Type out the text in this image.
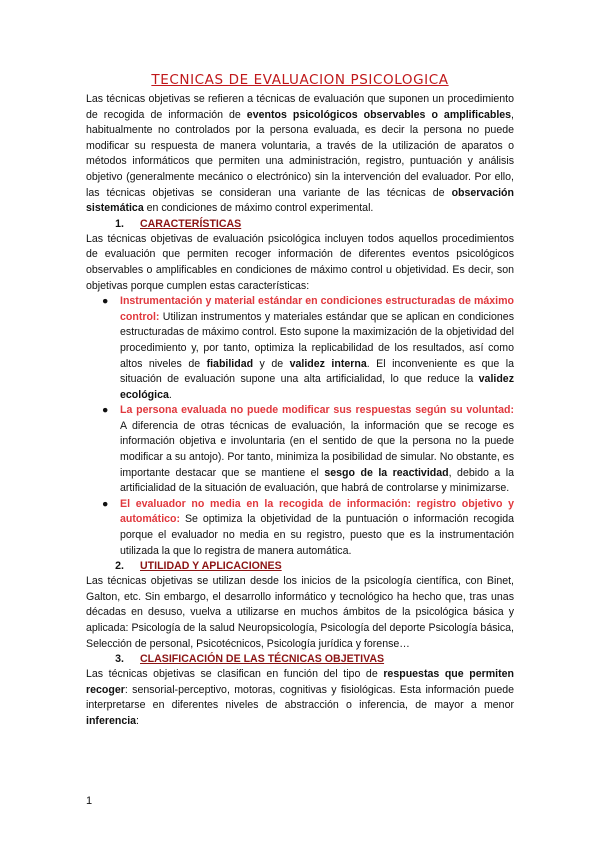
TECNICAS DE EVALUACION PSICOLOGICA

Las técnicas objetivas se refieren a técnicas de evaluación que suponen un procedimiento de recogida de información de eventos psicológicos observables o amplificables, habitualmente no controlados por la persona evaluada, es decir la persona no puede modificar su respuesta de manera voluntaria, a través de la utilización de aparatos o métodos informáticos que permiten una administración, registro, puntuación y análisis objetivo (generalmente mecánico o electrónico) sin la intervención del evaluador. Por ello, las técnicas objetivas se consideran una variante de las técnicas de observación sistemática en condiciones de máximo control experimental.

1. CARACTERÍSTICAS

Las técnicas objetivas de evaluación psicológica incluyen todos aquellos procedimientos de evaluación que permiten recoger información de diferentes eventos psicológicos observables o amplificables en condiciones de máximo control u objetividad. Es decir, son objetivas porque cumplen estas características:

● Instrumentación y material estándar en condiciones estructuradas de máximo control: Utilizan instrumentos y materiales estándar que se aplican en condiciones estructuradas de máximo control. Esto supone la maximización de la objetividad del procedimiento y, por tanto, optimiza la replicabilidad de los resultados, así como altos niveles de fiabilidad y de validez interna. El inconveniente es que la situación de evaluación supone una alta artificialidad, lo que reduce la validez ecológica.
● La persona evaluada no puede modificar sus respuestas según su voluntad: A diferencia de otras técnicas de evaluación, la información que se recoge es información objetiva e involuntaria (en el sentido de que la persona no la puede modificar a su antojo). Por tanto, minimiza la posibilidad de simular. No obstante, es importante destacar que se mantiene el sesgo de la reactividad, debido a la artificialidad de la situación de evaluación, que habrá de controlarse y minimizarse.
● El evaluador no media en la recogida de información: registro objetivo y automático: Se optimiza la objetividad de la puntuación o información recogida porque el evaluador no media en su registro, puesto que es la instrumentación utilizada la que lo registra de manera automática.
2. UTILIDAD Y APLICACIONES

Las técnicas objetivas se utilizan desde los inicios de la psicología científica, con Binet, Galton, etc. Sin embargo, el desarrollo informático y tecnológico ha hecho que, tras unas décadas en desuso, vuelva a utilizarse en muchos ámbitos de la psicológica básica y aplicada: Psicología de la salud Neuropsicología, Psicología del deporte Psicología básica, Selección de personal, Psicotécnicos, Psicología jurídica y forense…

3. CLASIFICACIÓN DE LAS TÉCNICAS OBJETIVAS

Las técnicas objetivas se clasifican en función del tipo de respuestas que permiten recoger: sensorial-perceptivo, motoras, cognitivas y fisiológicas. Esta información puede interpretarse en diferentes niveles de abstracción o inferencia, de mayor a menor inferencia:

1
